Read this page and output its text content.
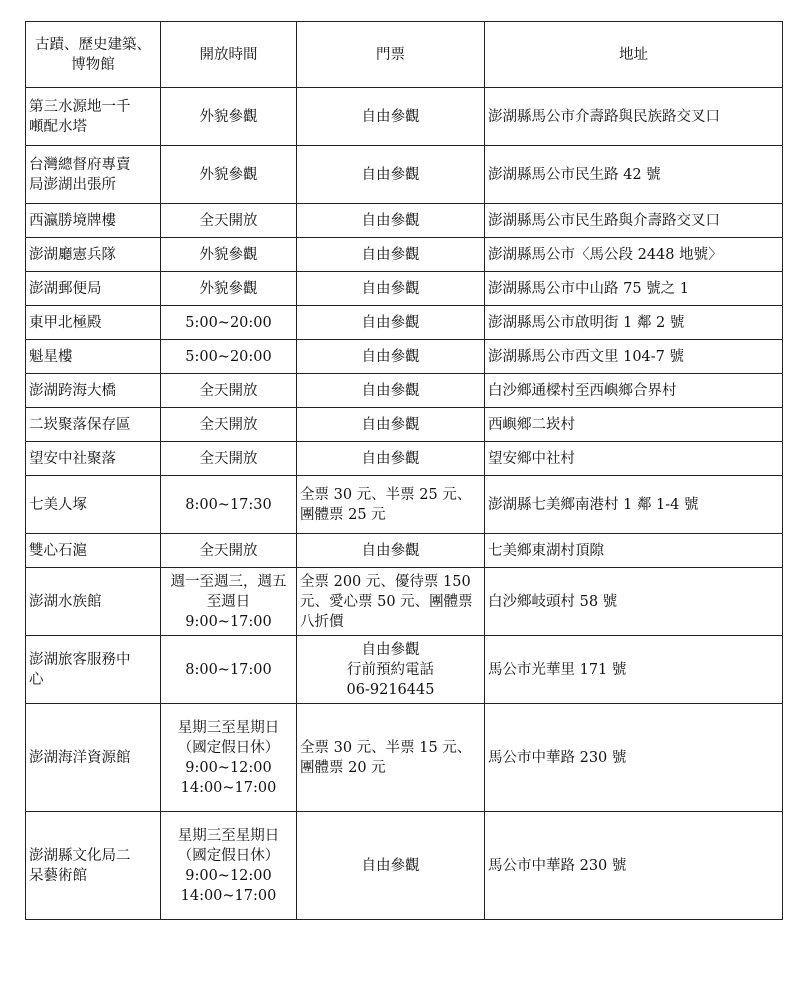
古蹟、歷史建築、
博物館	開放時間	門票	地址
第三水源地一千
噸配水塔	外貌參觀	自由參觀	澎湖縣馬公市介壽路與民族路交叉口
台灣總督府專賣
局澎湖出張所	外貌參觀	自由參觀	澎湖縣馬公市民生路 42 號
西瀛勝境牌樓	全天開放	自由參觀	澎湖縣馬公市民生路與介壽路交叉口
澎湖廳憲兵隊	外貌參觀	自由參觀	澎湖縣馬公市〈馬公段 2448 地號〉
澎湖郵便局	外貌參觀	自由參觀	澎湖縣馬公市中山路 75 號之 1
東甲北極殿	5:00~20:00	自由參觀	澎湖縣馬公市啟明街 1 鄰 2 號
魁星樓	5:00~20:00	自由參觀	澎湖縣馬公市西文里 104-7 號
澎湖跨海大橋	全天開放	自由參觀	白沙鄉通樑村至西嶼鄉合界村
二崁聚落保存區	全天開放	自由參觀	西嶼鄉二崁村
望安中社聚落	全天開放	自由參觀	望安鄉中社村
七美人塚	8:00~17:30	全票 30 元、半票 25 元、
團體票 25 元	澎湖縣七美鄉南港村 1 鄰 1-4 號
雙心石滬	全天開放	自由參觀	七美鄉東湖村頂隙
澎湖水族館	週一至週三，週五
至週日 9:00~17:00	全票 200 元、優待票 150
元、愛心票 50 元、團體票
八折價	白沙鄉岐頭村 58 號
澎湖旅客服務中
心	8:00~17:00	自由參觀
行前預約電話
06-9216445	馬公市光華里 171 號
澎湖海洋資源館	星期三至星期日
（國定假日休）
9:00~12:00
14:00~17:00	全票 30 元、半票 15 元、
團體票 20 元	馬公市中華路 230 號
澎湖縣文化局二
呆藝術館	星期三至星期日
（國定假日休）
9:00~12:00
14:00~17:00	自由參觀	馬公市中華路 230 號
